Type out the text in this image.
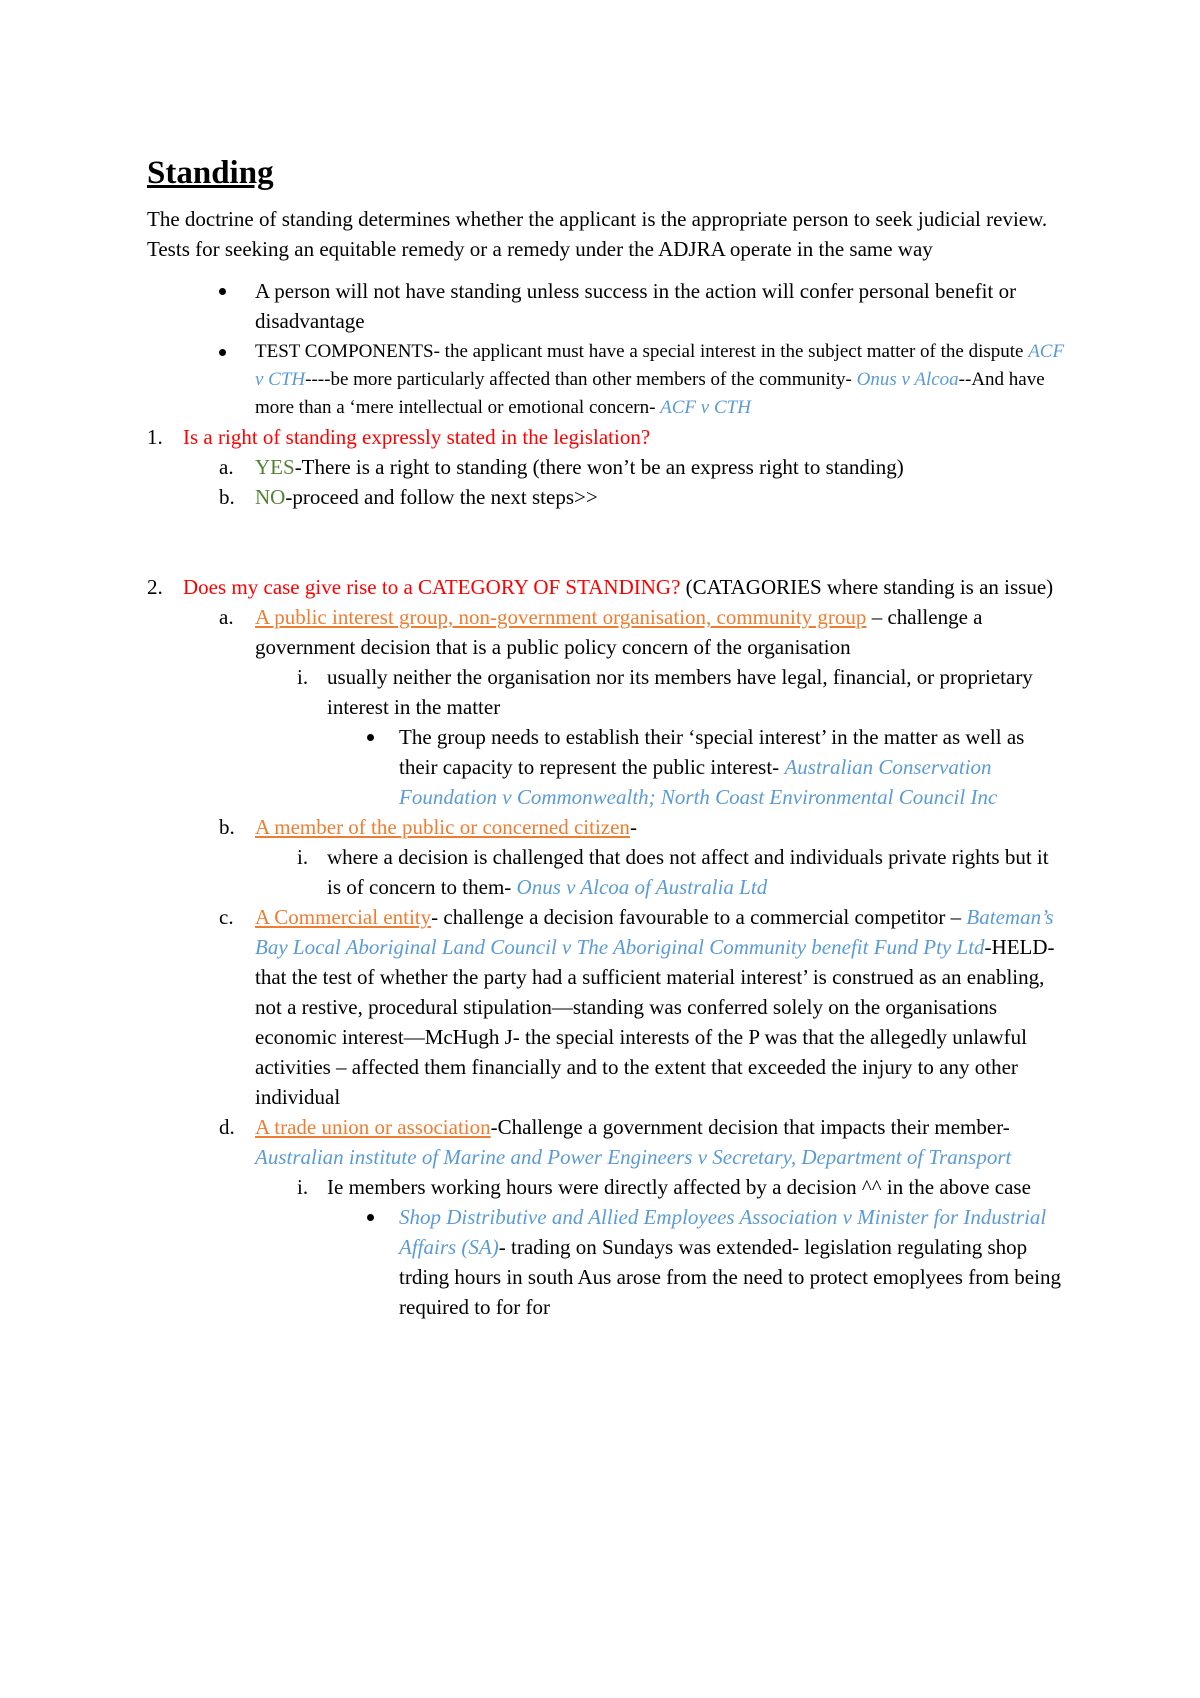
Standing

The doctrine of standing determines whether the applicant is the appropriate person to seek judicial review. Tests for seeking an equitable remedy or a remedy under the ADJRA operate in the same way

A person will not have standing unless success in the action will confer personal benefit or disadvantage
TEST COMPONENTS- the applicant must have a special interest in the subject matter of the dispute ACF v CTH----be more particularly affected than other members of the community- Onus v Alcoa--And have more than a ‘mere intellectual or emotional concern- ACF v CTH
1. Is a right of standing expressly stated in the legislation?
a. YES-There is a right to standing (there won’t be an express right to standing)
b. NO-proceed and follow the next steps>>
2. Does my case give rise to a CATEGORY OF STANDING? (CATAGORIES where standing is an issue)
a. A public interest group, non-government organisation, community group – challenge a government decision that is a public policy concern of the organisation
i. usually neither the organisation nor its members have legal, financial, or proprietary interest in the matter
The group needs to establish their ‘special interest’ in the matter as well as their capacity to represent the public interest- Australian Conservation Foundation v Commonwealth; North Coast Environmental Council Inc
b. A member of the public or concerned citizen-
i. where a decision is challenged that does not affect and individuals private rights but it is of concern to them- Onus v Alcoa of Australia Ltd
c. A Commercial entity- challenge a decision favourable to a commercial competitor – Bateman’s Bay Local Aboriginal Land Council v The Aboriginal Community benefit Fund Pty Ltd-HELD-that the test of whether the party had a sufficient material interest’ is construed as an enabling, not a restive, procedural stipulation—standing was conferred solely on the organisations economic interest—McHugh J- the special interests of the P was that the allegedly unlawful activities – affected them financially and to the extent that exceeded the injury to any other individual
d. A trade union or association-Challenge a government decision that impacts their member- Australian institute of Marine and Power Engineers v Secretary, Department of Transport
i. Ie members working hours were directly affected by a decision ^^ in the above case
Shop Distributive and Allied Employees Association v Minister for Industrial Affairs (SA)- trading on Sundays was extended- legislation regulating shop trding hours in south Aus arose from the need to protect emoplyees from being required to for for
